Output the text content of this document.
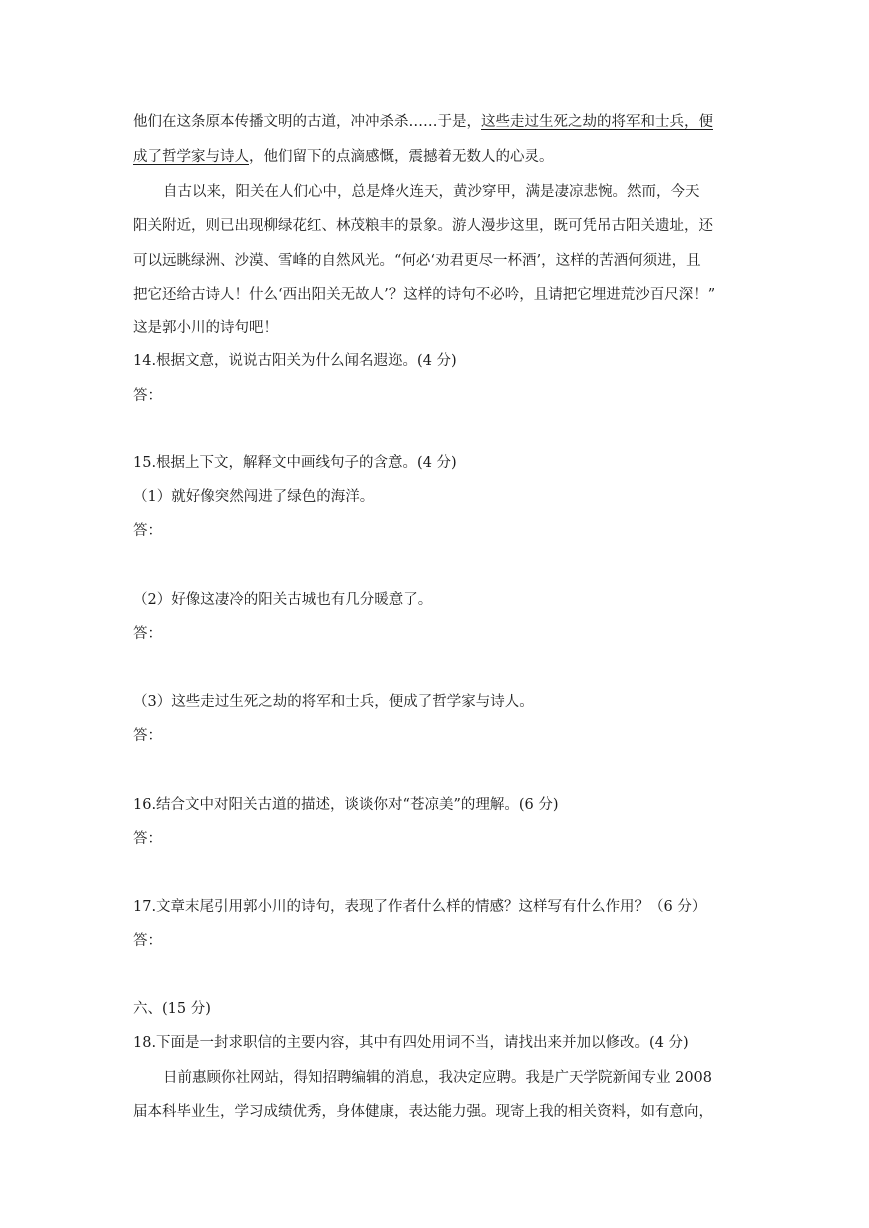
他们在这条原本传播文明的古道，冲冲杀杀……于是，这些走过生死之劫的将军和士兵，便
成了哲学家与诗人，他们留下的点滴感慨，震撼着无数人的心灵。
自古以来，阳关在人们心中，总是烽火连天，黄沙穿甲，满是凄凉悲惋。然而，今天
阳关附近，则已出现柳绿花红、林茂粮丰的景象。游人漫步这里，既可凭吊古阳关遗址，还
可以远眺绿洲、沙漠、雪峰的自然风光。“何必‘劝君更尽一杯酒’，这样的苦酒何须进，且
把它还给古诗人！什么‘西出阳关无故人’？这样的诗句不必吟，且请把它埋进荒沙百尺深！”
这是郭小川的诗句吧！
14.根据文意，说说古阳关为什么闻名遐迩。(4 分)
答：
15.根据上下文，解释文中画线句子的含意。(4 分)
（1）就好像突然闯进了绿色的海洋。
答：
（2）好像这凄冷的阳关古城也有几分暖意了。
答：
（3）这些走过生死之劫的将军和士兵，便成了哲学家与诗人。
答：
16.结合文中对阳关古道的描述，谈谈你对“苍凉美”的理解。(6 分)
答：
17.文章末尾引用郭小川的诗句，表现了作者什么样的情感？这样写有什么作用？（6 分）
答：
六、(15 分)
18.下面是一封求职信的主要内容，其中有四处用词不当，请找出来并加以修改。(4 分)
日前惠顾你社网站，得知招聘编辑的消息，我决定应聘。我是广天学院新闻专业 2008
届本科毕业生，学习成绩优秀，身体健康，表达能力强。现寄上我的相关资料，如有意向，
